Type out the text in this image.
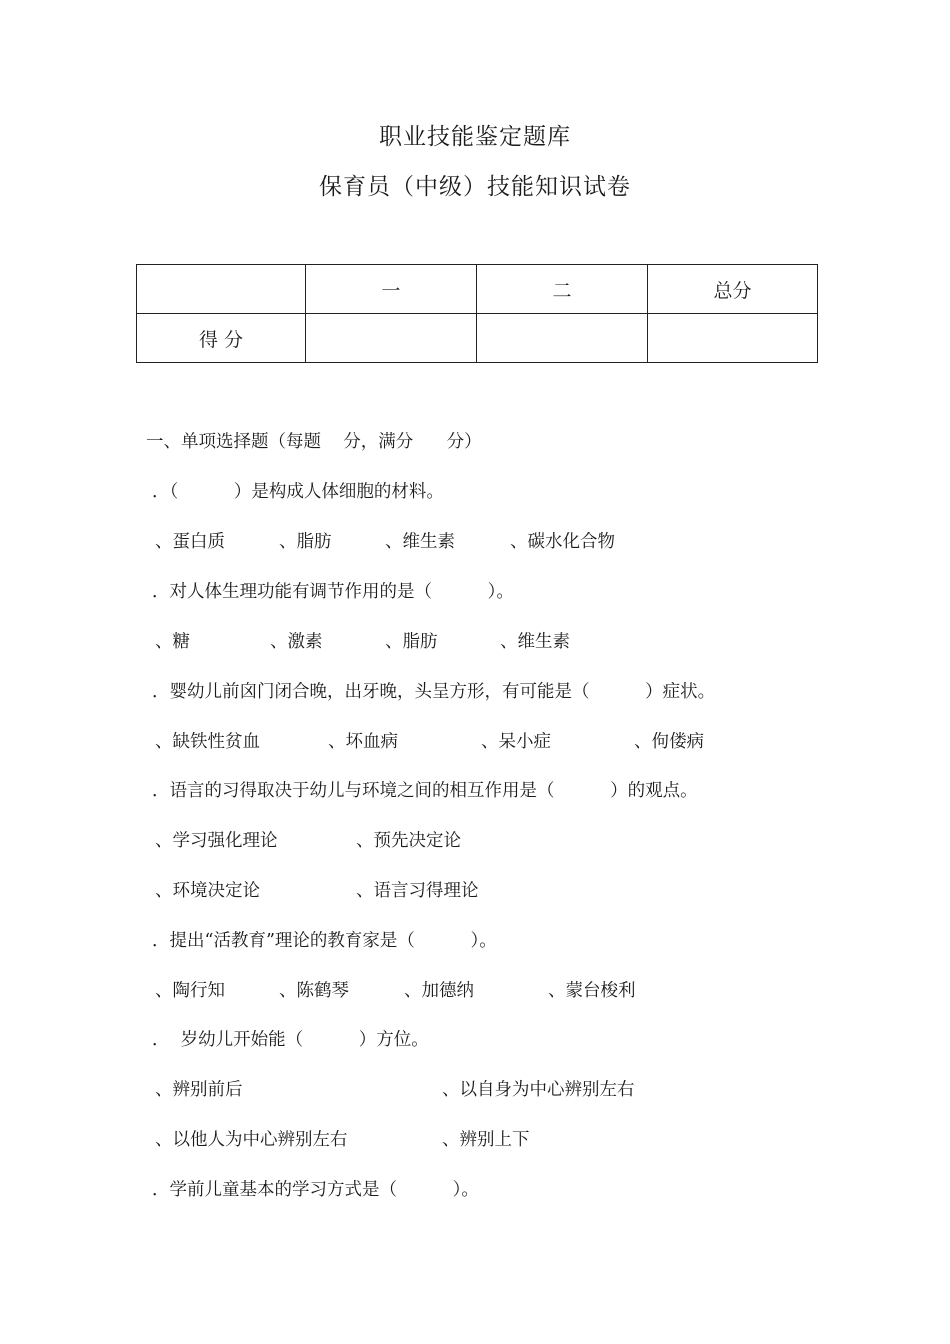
职业技能鉴定题库
保育员（中级）技能知识试卷
	一	二	总分
得 分			
一、单项选择题（每题    分，满分      分）
．（          ）是构成人体细胞的材料。
、蛋白质	、脂肪	、维生素	、碳水化合物
．对人体生理功能有调节作用的是（          ）。
、糖	、激素	、脂肪	、维生素
．婴幼儿前囟门闭合晚，出牙晚，头呈方形，有可能是（          ）症状。
、缺铁性贫血	、坏血病	、呆小症	、佝偻病
．语言的习得取决于幼儿与环境之间的相互作用是（          ）的观点。
、学习强化理论	、预先决定论
、环境决定论	、语言习得理论
．提出“活教育”理论的教育家是（          ）。
、陶行知	、陈鹤琴	、加德纳	、蒙台梭利
．  岁幼儿开始能（          ）方位。
、辨别前后	、以自身为中心辨别左右
、以他人为中心辨别左右	、辨别上下
．学前儿童基本的学习方式是（          ）。
